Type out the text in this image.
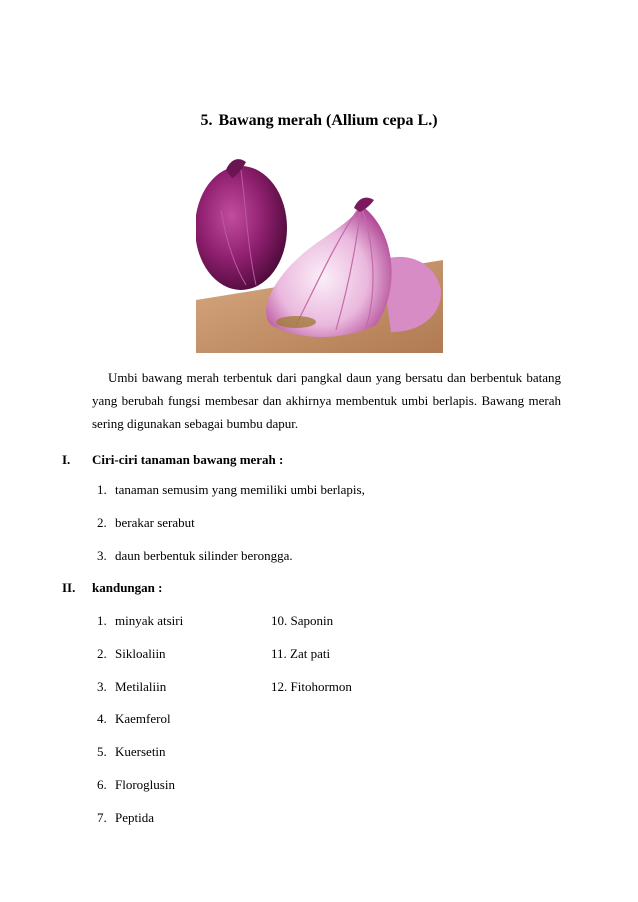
5. Bawang merah (Allium cepa L.)
Umbi bawang merah terbentuk dari pangkal daun yang bersatu dan berbentuk batang yang berubah fungsi membesar dan akhirnya membentuk umbi berlapis. Bawang merah sering digunakan sebagai bumbu dapur.
I. Ciri-ciri tanaman bawang merah :
1. tanaman semusim yang memiliki umbi berlapis,
2. berakar serabut
3. daun berbentuk silinder berongga.
II. kandungan :
1. minyak atsiri
2. Sikloaliin
3. Metilaliin
4. Kaemferol
5. Kuersetin
6. Floroglusin
7. Peptida
10. Saponin
11. Zat pati
12. Fitohormon
